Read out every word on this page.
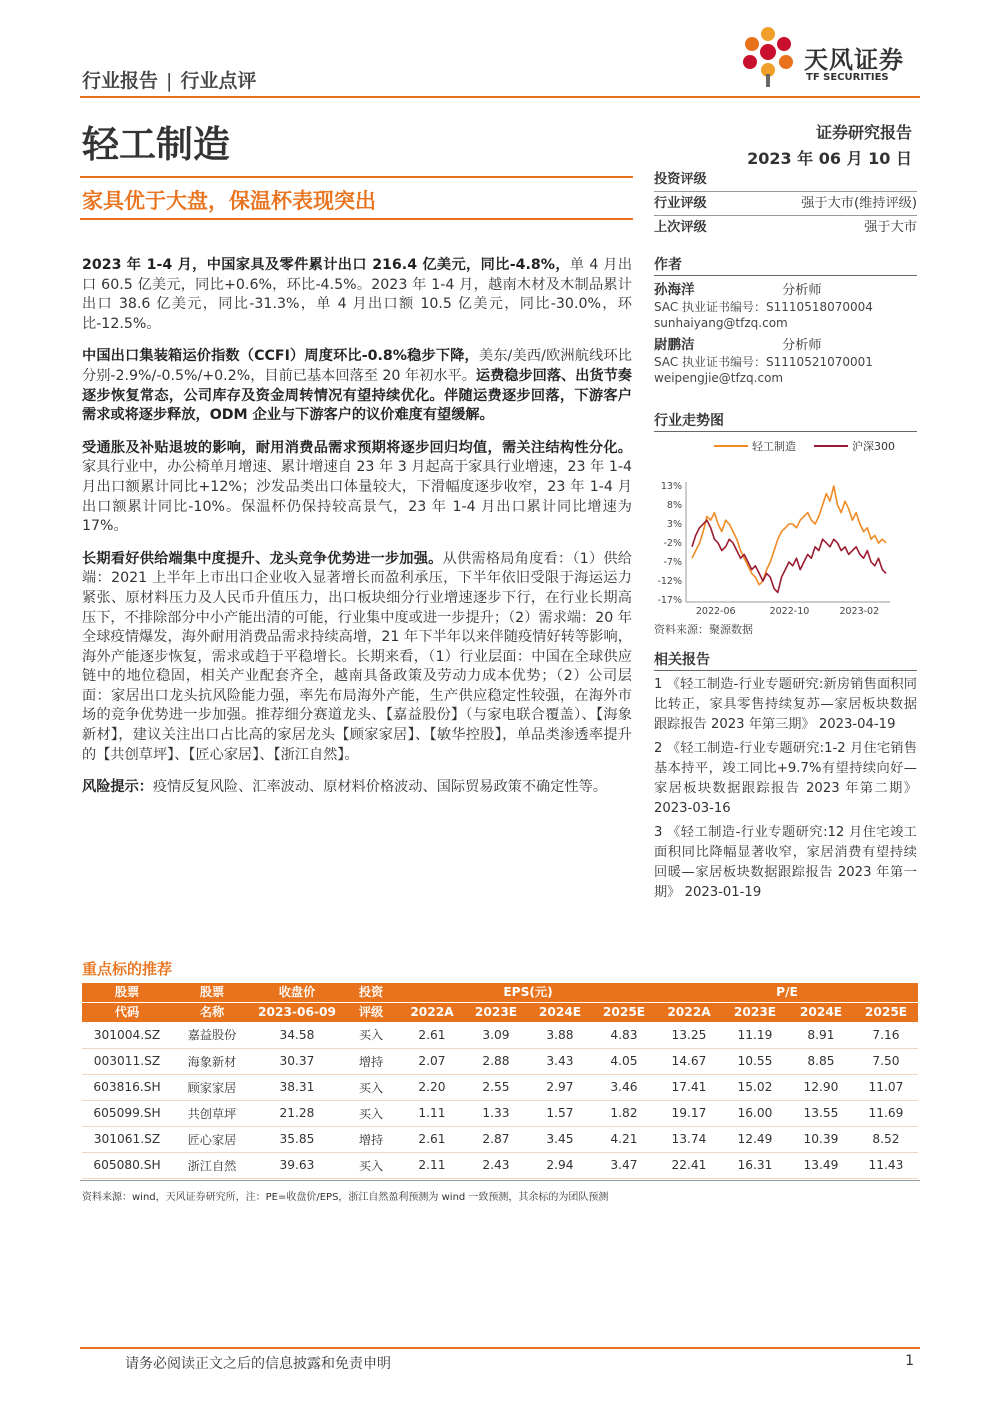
行业报告 | 行业点评
天风证券
TF SECURITIES
轻工制造	证券研究报告
2023 年 06 月 10 日
家具优于大盘，保温杯表现突出

2023 年 1-4 月，中国家具及零件累计出口 216.4 亿美元，同比-4.8%，单 4 月出口 60.5 亿美元，同比+0.6%，环比-4.5%。2023 年 1-4 月，越南木材及木制品累计出口 38.6 亿美元，同比-31.3%，单 4 月出口额 10.5 亿美元，同比-30.0%，环比-12.5%。

中国出口集装箱运价指数（CCFI）周度环比-0.8%稳步下降，美东/美西/欧洲航线环比分别-2.9%/-0.5%/+0.2%，目前已基本回落至 20 年初水平。运费稳步回落、出货节奏逐步恢复常态，公司库存及资金周转情况有望持续优化。伴随运费逐步回落，下游客户需求或将逐步释放，ODM 企业与下游客户的议价难度有望缓解。

受通胀及补贴退坡的影响，耐用消费品需求预期将逐步回归均值，需关注结构性分化。家具行业中，办公椅单月增速、累计增速自 23 年 3 月起高于家具行业增速，23 年 1-4 月出口额累计同比+12%；沙发品类出口体量较大，下滑幅度逐步收窄，23 年 1-4 月出口额累计同比-10%。保温杯仍保持较高景气，23 年 1-4 月出口累计同比增速为 17%。

长期看好供给端集中度提升、龙头竞争优势进一步加强。从供需格局角度看：（1）供给端：2021 上半年上市出口企业收入显著增长而盈利承压，下半年依旧受限于海运运力紧张、原材料压力及人民币升值压力，出口板块细分行业增速逐步下行，在行业长期高压下，不排除部分中小产能出清的可能，行业集中度或进一步提升；（2）需求端：20 年全球疫情爆发，海外耐用消费品需求持续高增，21 年下半年以来伴随疫情好转等影响，海外产能逐步恢复，需求或趋于平稳增长。长期来看，（1）行业层面：中国在全球供应链中的地位稳固，相关产业配套齐全，越南具备政策及劳动力成本优势；（2）公司层面：家居出口龙头抗风险能力强，率先布局海外产能，生产供应稳定性较强，在海外市场的竞争优势进一步加强。推荐细分赛道龙头、【嘉益股份】（与家电联合覆盖）、【海象新材】，建议关注出口占比高的家居龙头【顾家家居】、【敏华控股】，单品类渗透率提升的【共创草坪】、【匠心家居】、【浙江自然】。

风险提示：疫情反复风险、汇率波动、原材料价格波动、国际贸易政策不确定性等。

投资评级
行业评级	强于大市(维持评级)
上次评级	强于大市
作者
孙海洋	分析师
SAC 执业证书编号：S1110518070004
sunhaiyang@tfzq.com
尉鹏洁	分析师
SAC 执业证书编号：S1110521070001
weipengjie@tfzq.com
行业走势图
轻工制造	沪深300
13%
8%
3%
-2%
-7%
-12%
-17%
2022-06	2022-10	2023-02
资料来源：聚源数据
相关报告
1 《轻工制造-行业专题研究:新房销售面积同比转正，家具零售持续复苏—家居板块数据跟踪报告 2023 年第三期》 2023-04-19
2 《轻工制造-行业专题研究:1-2 月住宅销售基本持平，竣工同比+9.7%有望持续向好—家居板块数据跟踪报告 2023 年第二期》 2023-03-16
3 《轻工制造-行业专题研究:12 月住宅竣工面积同比降幅显著收窄，家居消费有望持续回暖—家居板块数据跟踪报告 2023 年第一期》 2023-01-19
重点标的推荐
股票	股票	收盘价	投资	EPS(元)				P/E			
代码	名称	2023-06-09	评级	2022A	2023E	2024E	2025E	2022A	2023E	2024E	2025E
301004.SZ	嘉益股份	34.58	买入	2.61	3.09	3.88	4.83	13.25	11.19	8.91	7.16
003011.SZ	海象新材	30.37	增持	2.07	2.88	3.43	4.05	14.67	10.55	8.85	7.50
603816.SH	顾家家居	38.31	买入	2.20	2.55	2.97	3.46	17.41	15.02	12.90	11.07
605099.SH	共创草坪	21.28	买入	1.11	1.33	1.57	1.82	19.17	16.00	13.55	11.69
301061.SZ	匠心家居	35.85	增持	2.61	2.87	3.45	4.21	13.74	12.49	10.39	8.52
605080.SH	浙江自然	39.63	买入	2.11	2.43	2.94	3.47	22.41	16.31	13.49	11.43
资料来源：wind，天风证券研究所，注：PE=收盘价/EPS，浙江自然盈利预测为 wind 一致预测，其余标的为团队预测
请务必阅读正文之后的信息披露和免责申明	1
